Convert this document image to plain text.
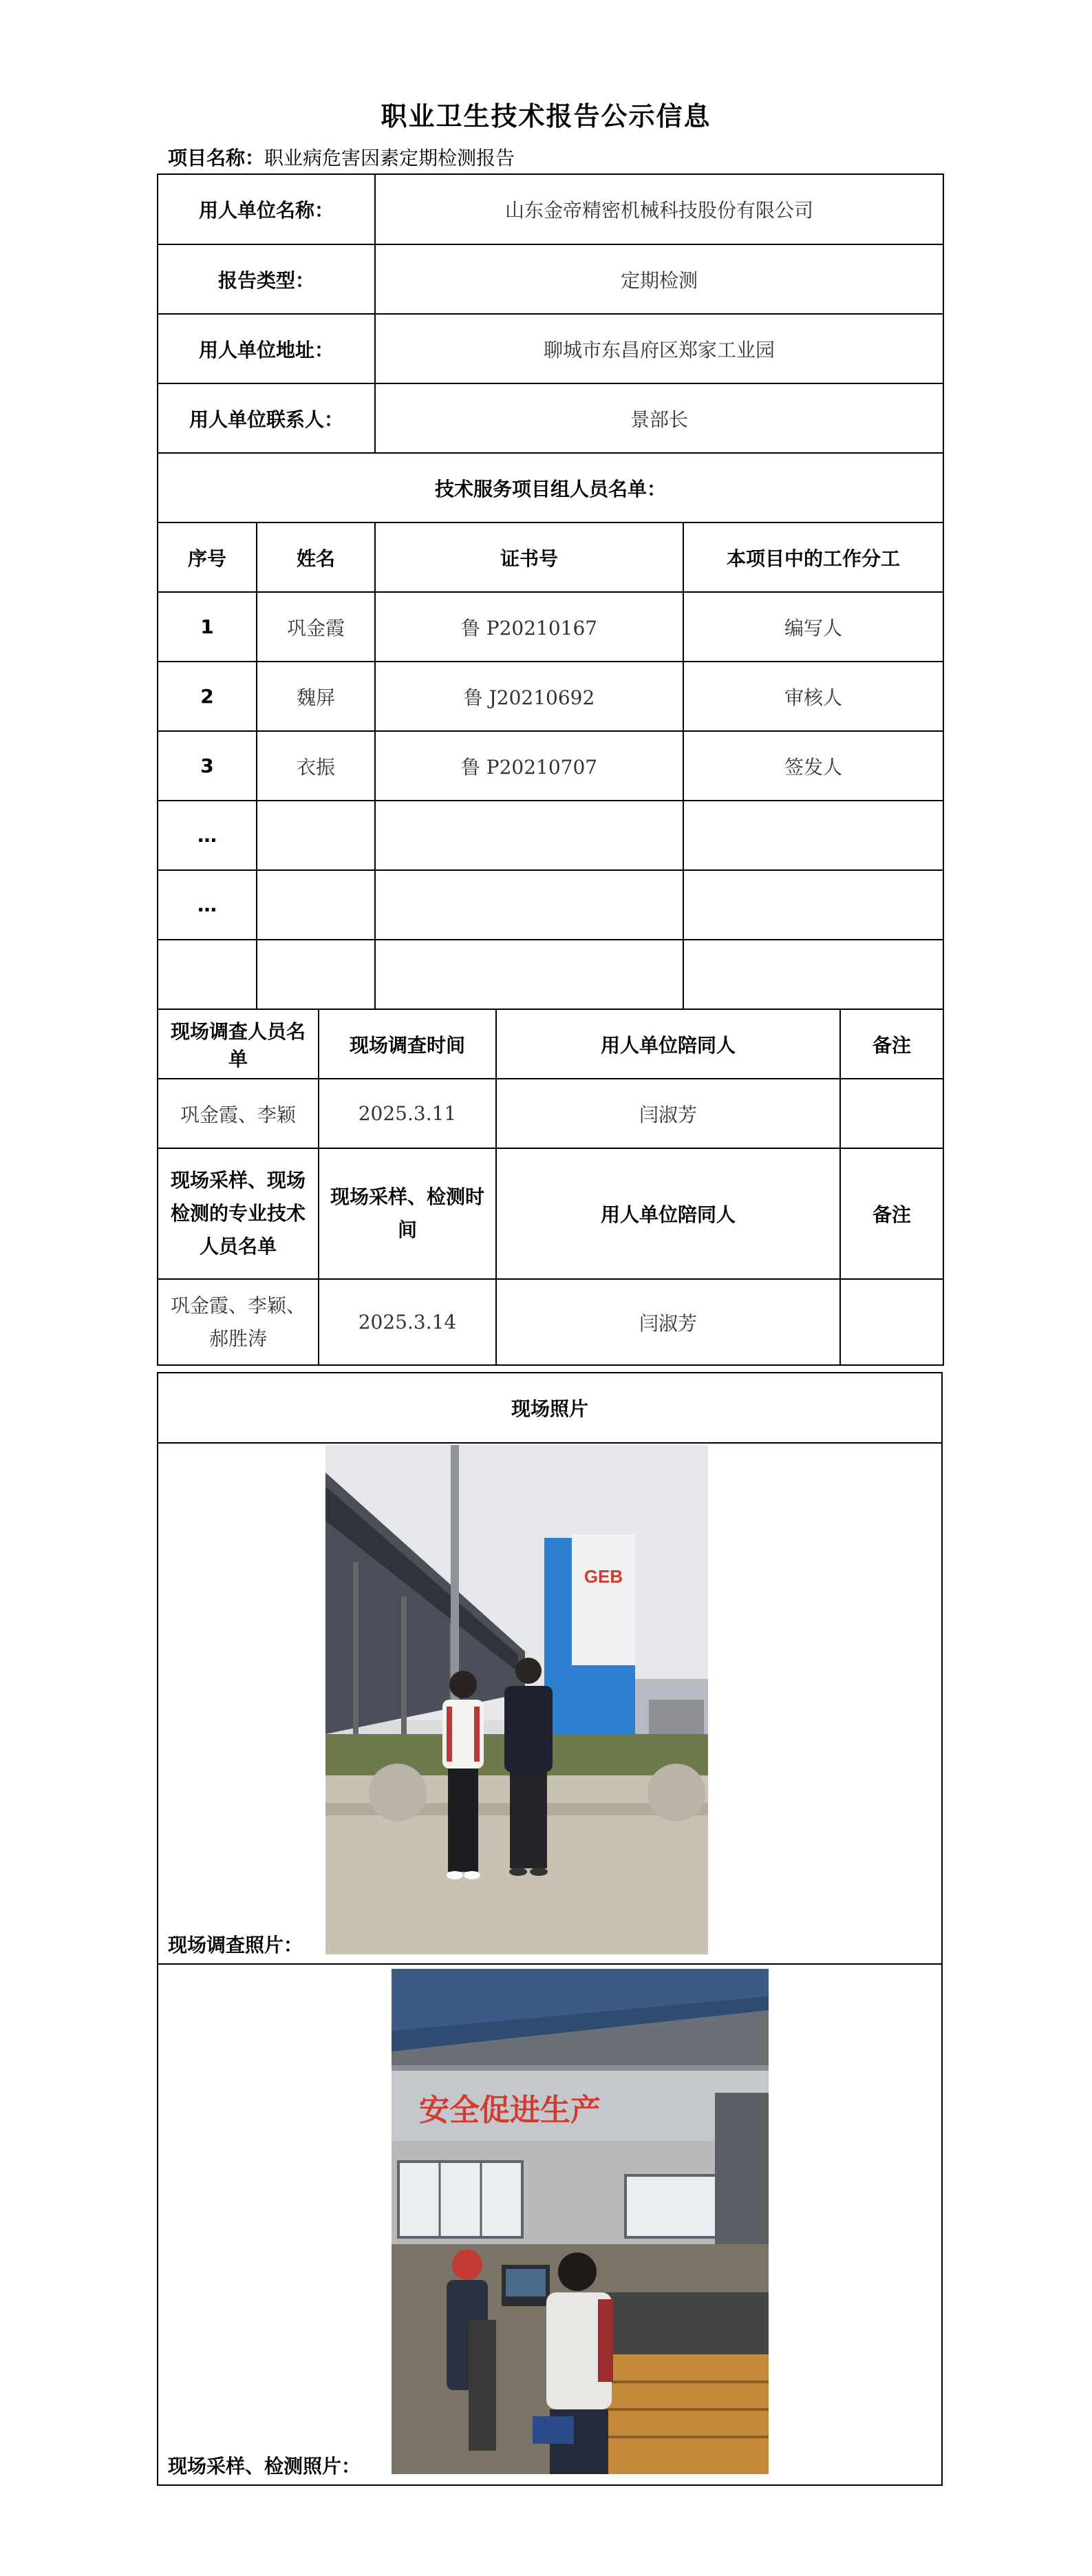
职业卫生技术报告公示信息
项目名称：职业病危害因素定期检测报告
用人单位名称：			山东金帝精密机械科技股份有限公司			
报告类型：			定期检测			
用人单位地址：			聊城市东昌府区郑家工业园			
用人单位联系人：			景部长			
技术服务项目组人员名单：						
序号	姓名		证书号		本项目中的工作分工	
1	巩金霞		鲁 P20210167		编写人	
2	魏屏		鲁 J20210692		审核人	
3	衣振		鲁 P20210707		签发人	
…						
…						

现场调查人员名单		现场调查时间		用人单位陪同人		备注
巩金霞、李颖		2025.3.11		闫淑芳		
现场采样、现场检测的专业技术人员名单		现场采样、检测时间		用人单位陪同人		备注
巩金霞、李颖、郝胜涛		2025.3.14		闫淑芳		
现场照片

GEB
现场调查照片：

安全促进生产
现场采样、检测照片：
